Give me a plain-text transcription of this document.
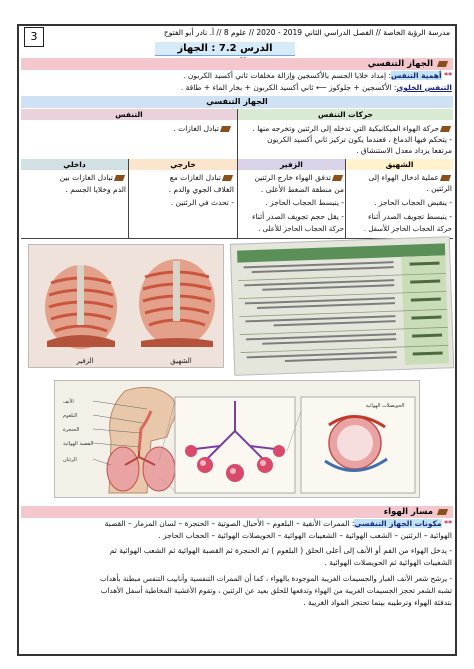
3	مدرسة الرؤية الخاصة // الفصل الدراسي الثاني 2019 - 2020 // علوم 8 // أ. نادر أبو الفتوح
الدرس 7.2 : الجهاز
الجهاز التنفسي
** أهمية التنفس: إمداد خلايا الجسم بالأكسجين وإزالة مخلفات ثاني أكسيد الكربون .
التنفس الخلوي: الأكسجين + جلوكوز ⟵ ثاني أكسيد الكربون + بخار الماء + طاقة .
الجهاز التنفسي
حركات التنفس
التنفس
حركة الهواء الميكانيكية التي تدخله إلى الرئتين وتخرجه منها .
- يتحكم فيها الدماغ ، فعندما يكون تركيز ثاني أكسيد الكربون
مرتفعا يزداد معدل الاستنشاق .
تبادل الغازات .
الشهيق
الزفير
خارجي
داخلي
عملية ادخال الهواء إلى
الرئتين .
- ينقبض الحجاب الحاجز .
- ينبسط تجويف الصدر أثناء
حركة الحجاب الحاجز للأسفل .
تدفق الهواء خارج الرئتين
من منطقة الضغط الأعلى .
- ينبسط الحجاب الحاجز .
- يقل حجم تجويف الصدر أثناء
حركة الحجاب الحاجز للأعلى .
تبادل الغازات مع
الغلاف الجوي والدم .
- تحدث في الرئتين .
تبادل الغازات بين
الدم وخلايا الجسم .
الزفير	الشهيق
الأنف
البلعوم
الحنجرة
القصبة الهوائية
الرئتان
الحويصلات الهوائية
مسار الهواء
** مكونات الجهاز التنفسي: الممرات الأنفية – البلعوم – الأحبال الصوتية – الحنجرة – لسان المزمار – القصبة
الهوائية – الرئتين – الشعب الهوائية – الشعيبات الهوائية – الحويصلات الهوائية – الحجاب الحاجز .
- يدخل الهواء من الفم أو الأنف إلى أعلى الحلق ( البلعوم ) ثم الحنجرة ثم القصبة الهوائية ثم الشعب الهوائية ثم
الشعيبات الهوائية ثم الحويصلات الهوائية .
- يرشح شعر الأنف الغبار والجسيمات الغريبة الموجودة بالهواء ، كما أن الممرات التنفسية وأنابيب التنفس مبطنة بأهداب
تشبه الشعر تحجز الجسيمات الغريبة من الهواء وتدفعها للحلق بعيد عن الرئتين ، وتقوم الأغشية المخاطية أسفل الأهداب
بتدفئة الهواء وترطيبه بينما تحتجز المواد الغريبة .
